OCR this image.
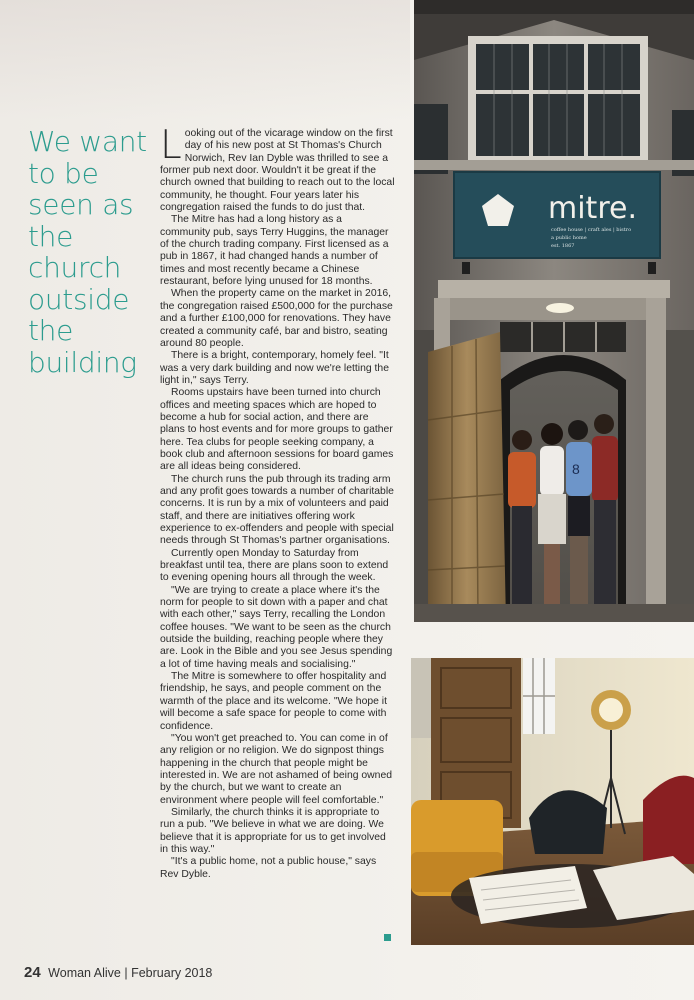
We want to be seen as the church outside the building

Looking out of the vicarage window on the first day of his new post at St Thomas's Church Norwich, Rev Ian Dyble was thrilled to see a former pub next door. Wouldn't it be great if the church owned that building to reach out to the local community, he thought. Four years later his congregation raised the funds to do just that.

The Mitre has had a long history as a community pub, says Terry Huggins, the manager of the church trading company. First licensed as a pub in 1867, it had changed hands a number of times and most recently became a Chinese restaurant, before lying unused for 18 months.

When the property came on the market in 2016, the congregation raised £500,000 for the purchase and a further £100,000 for renovations. They have created a community café, bar and bistro, seating around 80 people.

There is a bright, contemporary, homely feel. "It was a very dark building and now we're letting the light in," says Terry.

Rooms upstairs have been turned into church offices and meeting spaces which are hoped to become a hub for social action, and there are plans to host events and for more groups to gather here. Tea clubs for people seeking company, a book club and afternoon sessions for board games are all ideas being considered.

The church runs the pub through its trading arm and any profit goes towards a number of charitable concerns. It is run by a mix of volunteers and paid staff, and there are initiatives offering work experience to ex-offenders and people with special needs through St Thomas's partner organisations.

Currently open Monday to Saturday from breakfast until tea, there are plans soon to extend to evening opening hours all through the week.

"We are trying to create a place where it's the norm for people to sit down with a paper and chat with each other," says Terry, recalling the London coffee houses. "We want to be seen as the church outside the building, reaching people where they are. Look in the Bible and you see Jesus spending a lot of time having meals and socialising."

The Mitre is somewhere to offer hospitality and friendship, he says, and people comment on the warmth of the place and its welcome. "We hope it will become a safe space for people to come with confidence.

"You won't get preached to. You can come in of any religion or no religion. We do signpost things happening in the church that people might be interested in. We are not ashamed of being owned by the church, but we want to create an environment where people will feel comfortable."

Similarly, the church thinks it is appropriate to run a pub. "We believe in what we are doing. We believe that it is appropriate for us to get involved in this way."

"It's a public home, not a public house," says Rev Dyble.

mitre.
coffee house | craft ales | bistro
a public home
est. 1867
8
24 Woman Alive | February 2018
